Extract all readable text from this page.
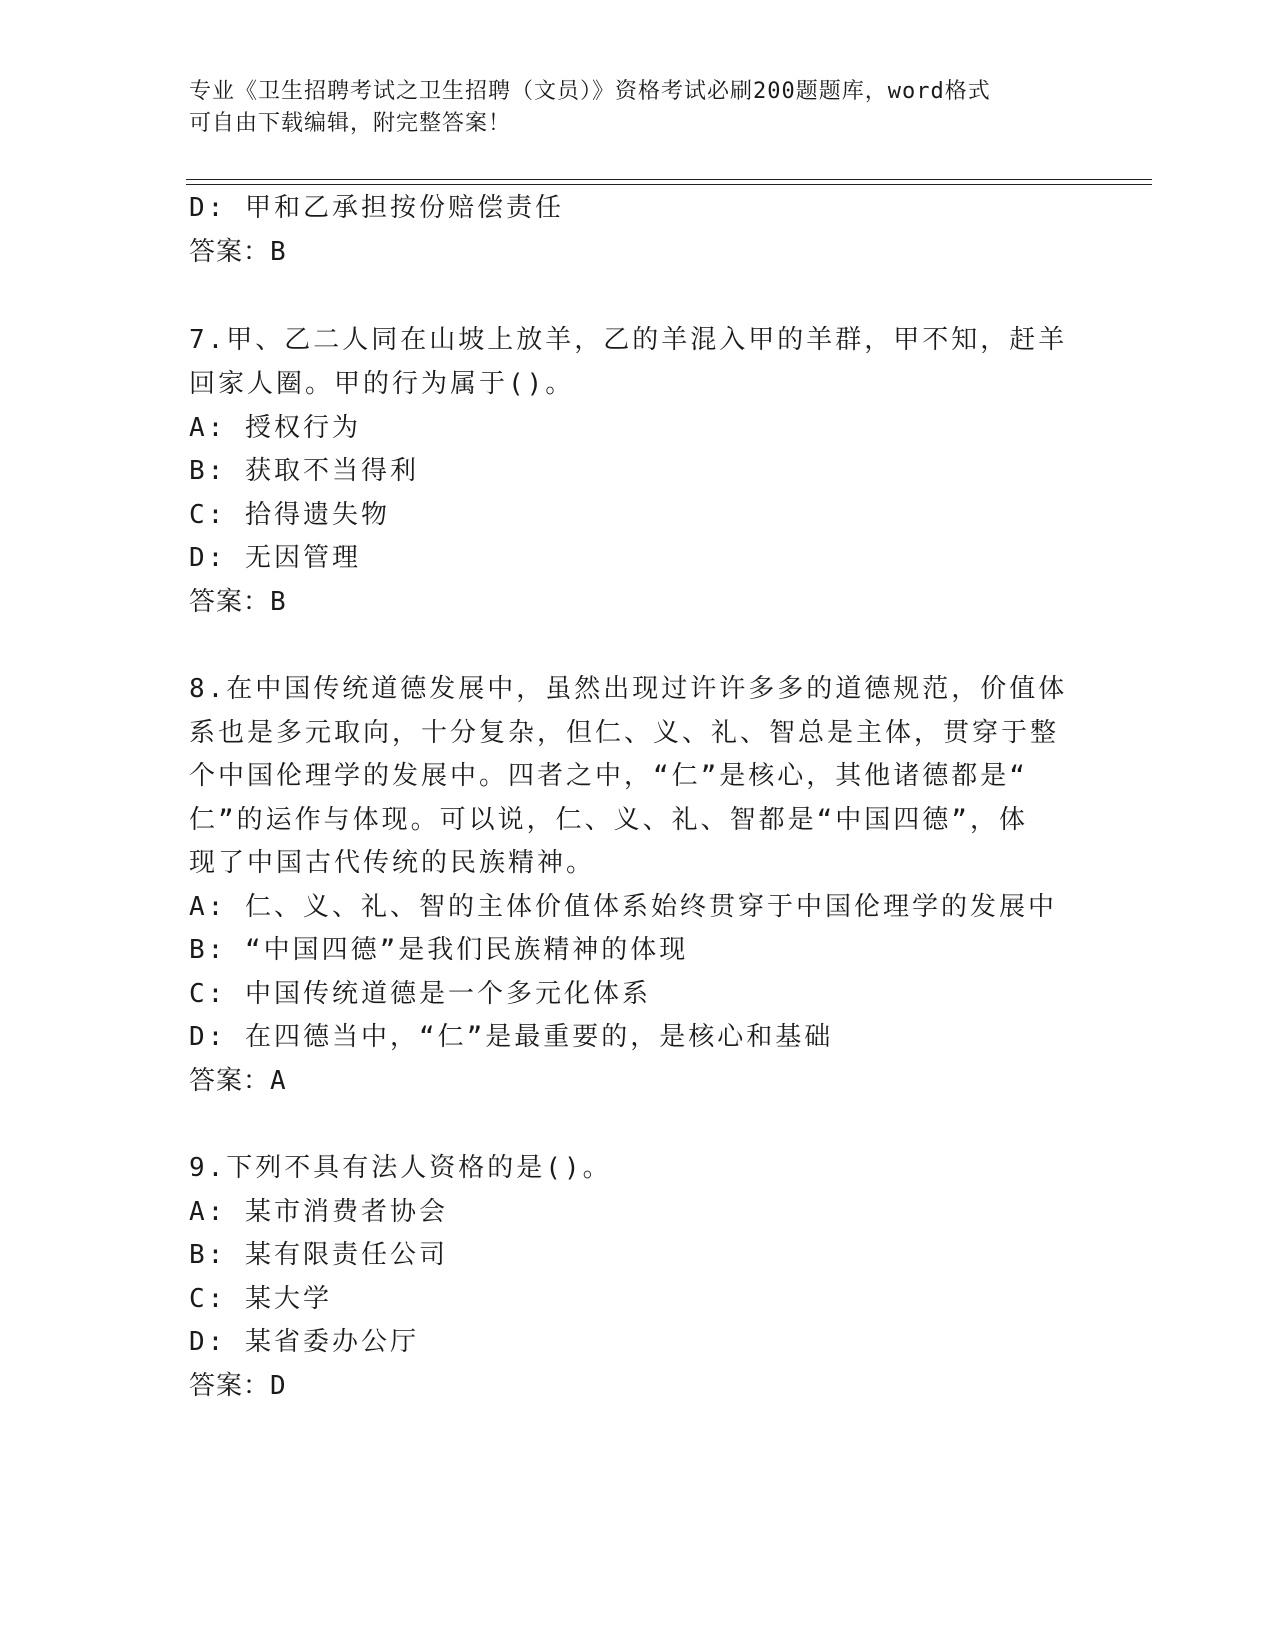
专业《卫生招聘考试之卫生招聘（文员）》资格考试必刷200题题库，word格式
可自由下载编辑，附完整答案！
D: 甲和乙承担按份赔偿责任
答案：B
7.甲、乙二人同在山坡上放羊，乙的羊混入甲的羊群，甲不知，赶羊
回家人圈。甲的行为属于()。
A: 授权行为
B: 获取不当得利
C: 拾得遗失物
D: 无因管理
答案：B
8.在中国传统道德发展中，虽然出现过许许多多的道德规范，价值体
系也是多元取向，十分复杂，但仁、义、礼、智总是主体，贯穿于整
个中国伦理学的发展中。四者之中，“仁”是核心，其他诸德都是“
仁”的运作与体现。可以说，仁、义、礼、智都是“中国四德”，体
现了中国古代传统的民族精神。
A: 仁、义、礼、智的主体价值体系始终贯穿于中国伦理学的发展中
B: “中国四德”是我们民族精神的体现
C: 中国传统道德是一个多元化体系
D: 在四德当中，“仁”是最重要的，是核心和基础
答案：A
9.下列不具有法人资格的是()。
A: 某市消费者协会
B: 某有限责任公司
C: 某大学
D: 某省委办公厅
答案：D
